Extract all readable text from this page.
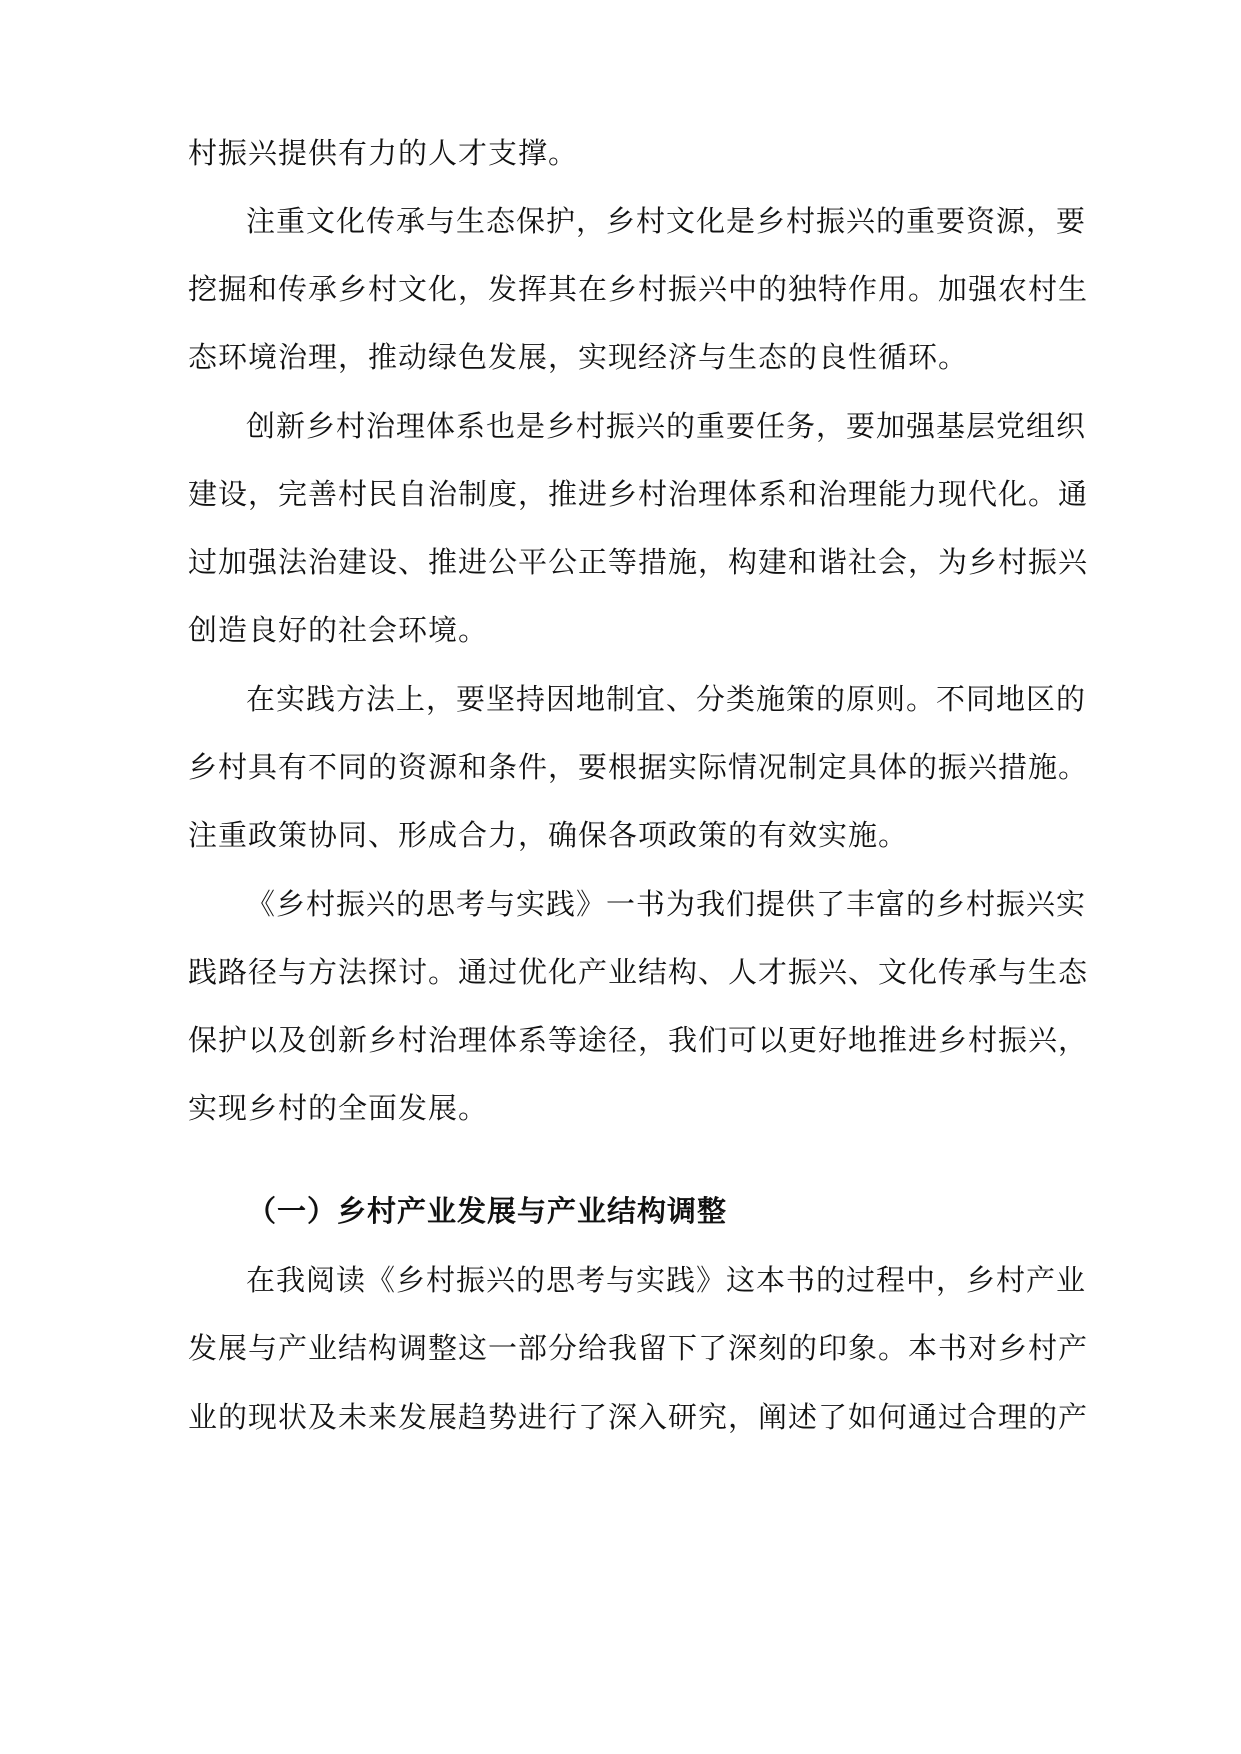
村振兴提供有力的人才支撑。
注重文化传承与生态保护，乡村文化是乡村振兴的重要资源，要
挖掘和传承乡村文化，发挥其在乡村振兴中的独特作用。加强农村生
态环境治理，推动绿色发展，实现经济与生态的良性循环。
创新乡村治理体系也是乡村振兴的重要任务，要加强基层党组织
建设，完善村民自治制度，推进乡村治理体系和治理能力现代化。通
过加强法治建设、推进公平公正等措施，构建和谐社会，为乡村振兴
创造良好的社会环境。
在实践方法上，要坚持因地制宜、分类施策的原则。不同地区的
乡村具有不同的资源和条件，要根据实际情况制定具体的振兴措施。
注重政策协同、形成合力，确保各项政策的有效实施。
《乡村振兴的思考与实践》一书为我们提供了丰富的乡村振兴实
践路径与方法探讨。通过优化产业结构、人才振兴、文化传承与生态
保护以及创新乡村治理体系等途径，我们可以更好地推进乡村振兴，
实现乡村的全面发展。
（一）乡村产业发展与产业结构调整
在我阅读《乡村振兴的思考与实践》这本书的过程中，乡村产业
发展与产业结构调整这一部分给我留下了深刻的印象。本书对乡村产
业的现状及未来发展趋势进行了深入研究，阐述了如何通过合理的产
